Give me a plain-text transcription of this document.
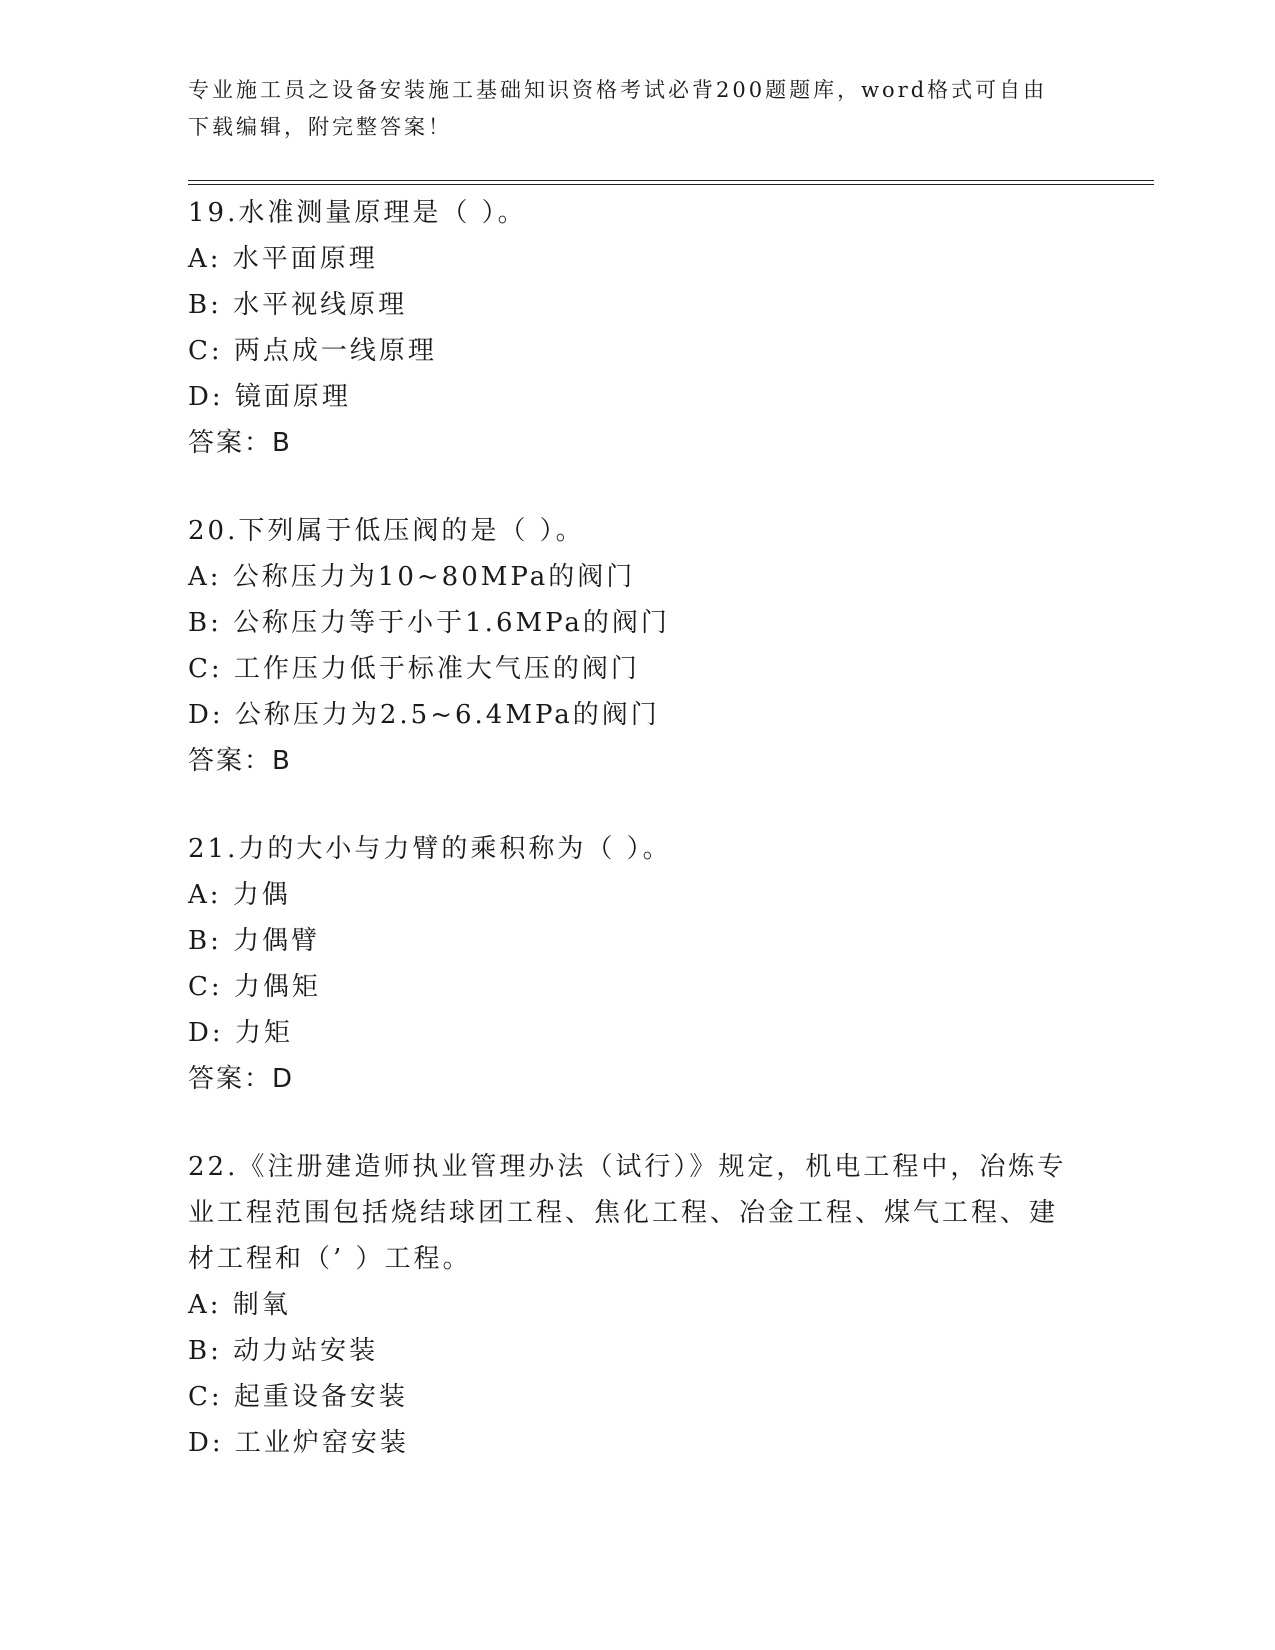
专业施工员之设备安装施工基础知识资格考试必背200题题库，word格式可自由
下载编辑，附完整答案！
19.水准测量原理是（ ）。
A: 水平面原理
B: 水平视线原理
C: 两点成一线原理
D: 镜面原理
答案：B
20.下列属于低压阀的是（ ）。
A: 公称压力为10~80MPa的阀门
B: 公称压力等于小于1.6MPa的阀门
C: 工作压力低于标准大气压的阀门
D: 公称压力为2.5~6.4MPa的阀门
答案：B
21.力的大小与力臂的乘积称为（ ）。
A: 力偶
B: 力偶臂
C: 力偶矩
D: 力矩
答案：D
22.《注册建造师执业管理办法（试行）》规定，机电工程中，冶炼专
业工程范围包括烧结球团工程、焦化工程、冶金工程、煤气工程、建
材工程和（’ ）工程。
A: 制氧
B: 动力站安装
C: 起重设备安装
D: 工业炉窑安装
